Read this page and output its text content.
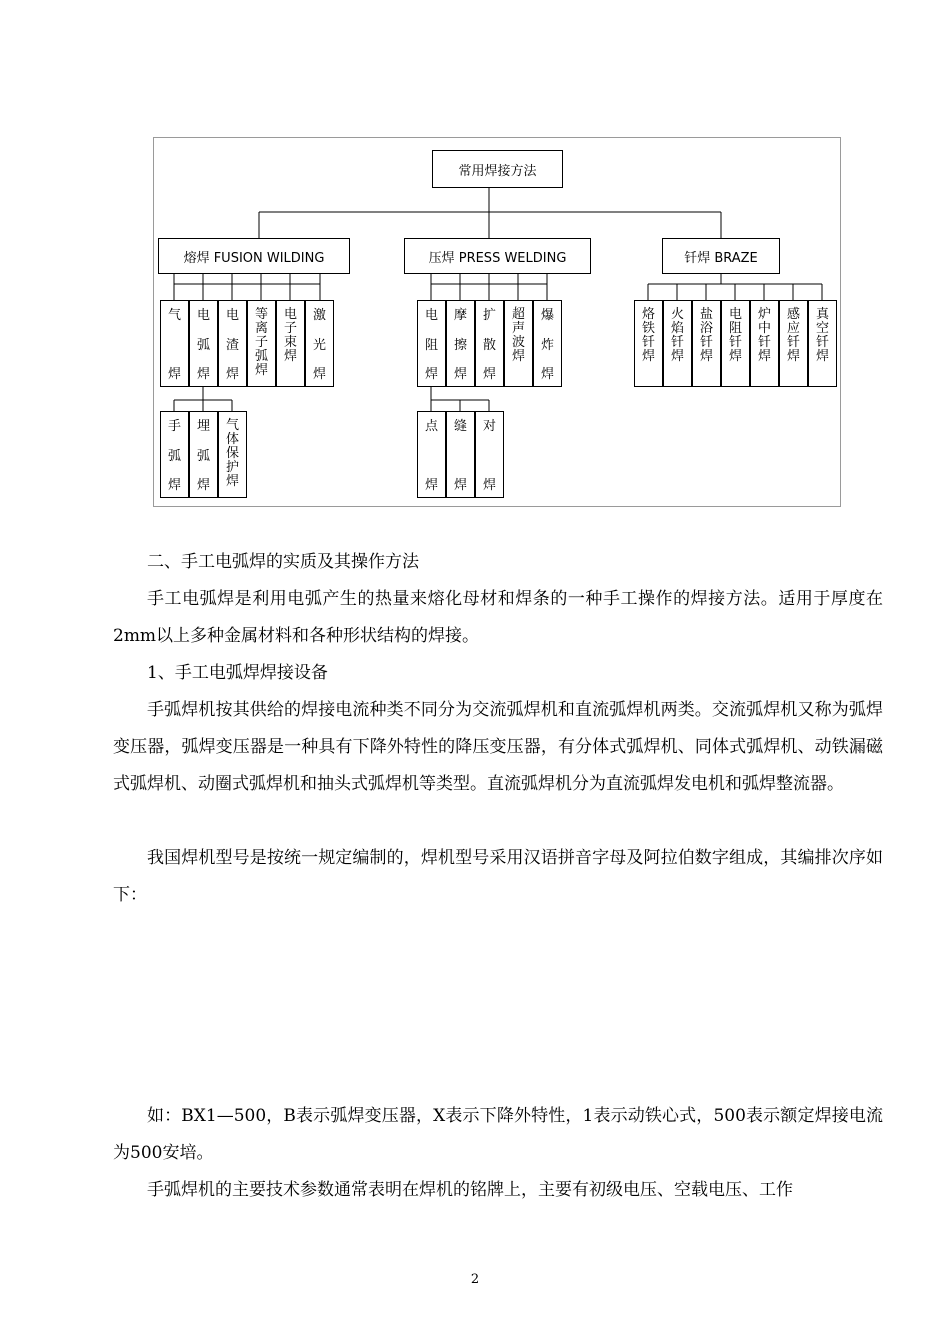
常用焊接方法
熔焊 FUSION WILDING	压焊 PRESS WELDING	钎焊 BRAZE
气
焊
电
弧
焊
电
渣
焊
等
离
子
弧
焊
电
子
束
焊
激
光
焊
手
弧
焊
埋
弧
焊
气
体
保
护
焊
电
阻
焊
摩
擦
焊
扩
散
焊
超
声
波
焊
爆
炸
焊
点
焊
缝
焊
对
焊
烙
铁
钎
焊
火
焰
钎
焊
盐
浴
钎
焊
电
阻
钎
焊
炉
中
钎
焊
感
应
钎
焊
真
空
钎
焊
二、手工电弧焊的实质及其操作方法
手工电弧焊是利用电弧产生的热量来熔化母材和焊条的一种手工操作的焊接方法。适用于厚度在2mm以上多种金属材料和各种形状结构的焊接。
1、手工电弧焊焊接设备
手弧焊机按其供给的焊接电流种类不同分为交流弧焊机和直流弧焊机两类。交流弧焊机又称为弧焊变压器，弧焊变压器是一种具有下降外特性的降压变压器，有分体式弧焊机、同体式弧焊机、动铁漏磁式弧焊机、动圈式弧焊机和抽头式弧焊机等类型。直流弧焊机分为直流弧焊发电机和弧焊整流器。
我国焊机型号是按统一规定编制的，焊机型号采用汉语拼音字母及阿拉伯数字组成，其编排次序如下：
如：BX1—500，B表示弧焊变压器，X表示下降外特性，1表示动铁心式，500表示额定焊接电流为500安培。
手弧焊机的主要技术参数通常表明在焊机的铭牌上，主要有初级电压、空载电压、工作
2
